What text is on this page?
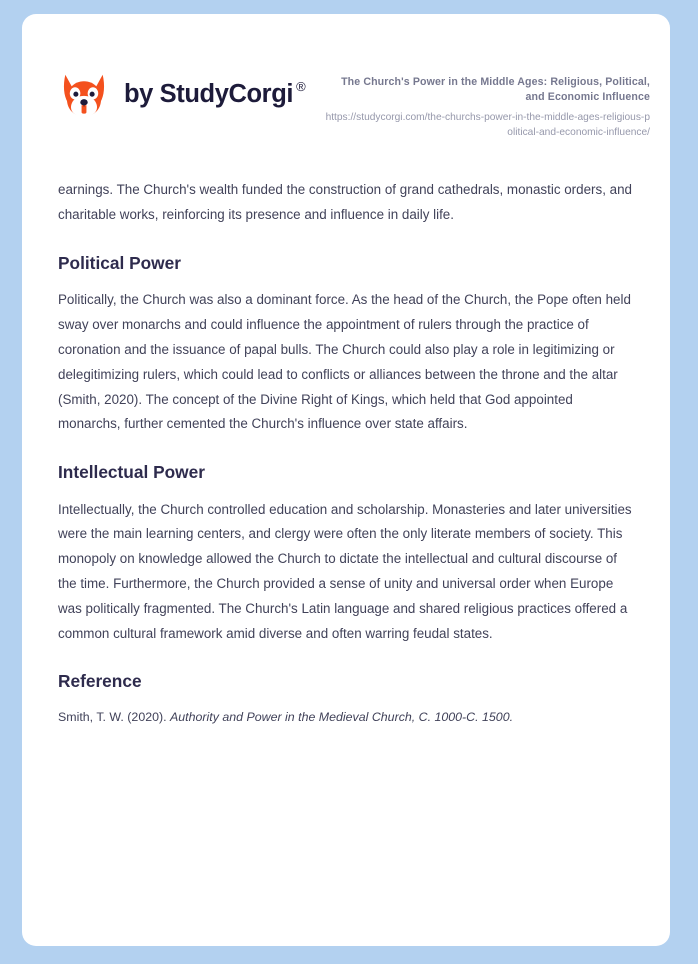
by StudyCorgi ®	The Church's Power in the Middle Ages: Religious, Political, and Economic Influence
https://studycorgi.com/the-churchs-power-in-the-middle-ages-religious-political-and-economic-influence/

earnings. The Church's wealth funded the construction of grand cathedrals, monastic orders, and charitable works, reinforcing its presence and influence in daily life.

Political Power

Politically, the Church was also a dominant force. As the head of the Church, the Pope often held sway over monarchs and could influence the appointment of rulers through the practice of coronation and the issuance of papal bulls. The Church could also play a role in legitimizing or delegitimizing rulers, which could lead to conflicts or alliances between the throne and the altar (Smith, 2020). The concept of the Divine Right of Kings, which held that God appointed monarchs, further cemented the Church's influence over state affairs.

Intellectual Power

Intellectually, the Church controlled education and scholarship. Monasteries and later universities were the main learning centers, and clergy were often the only literate members of society. This monopoly on knowledge allowed the Church to dictate the intellectual and cultural discourse of the time. Furthermore, the Church provided a sense of unity and universal order when Europe was politically fragmented. The Church's Latin language and shared religious practices offered a common cultural framework amid diverse and often warring feudal states.

Reference

Smith, T. W. (2020). Authority and Power in the Medieval Church, C. 1000-C. 1500.
